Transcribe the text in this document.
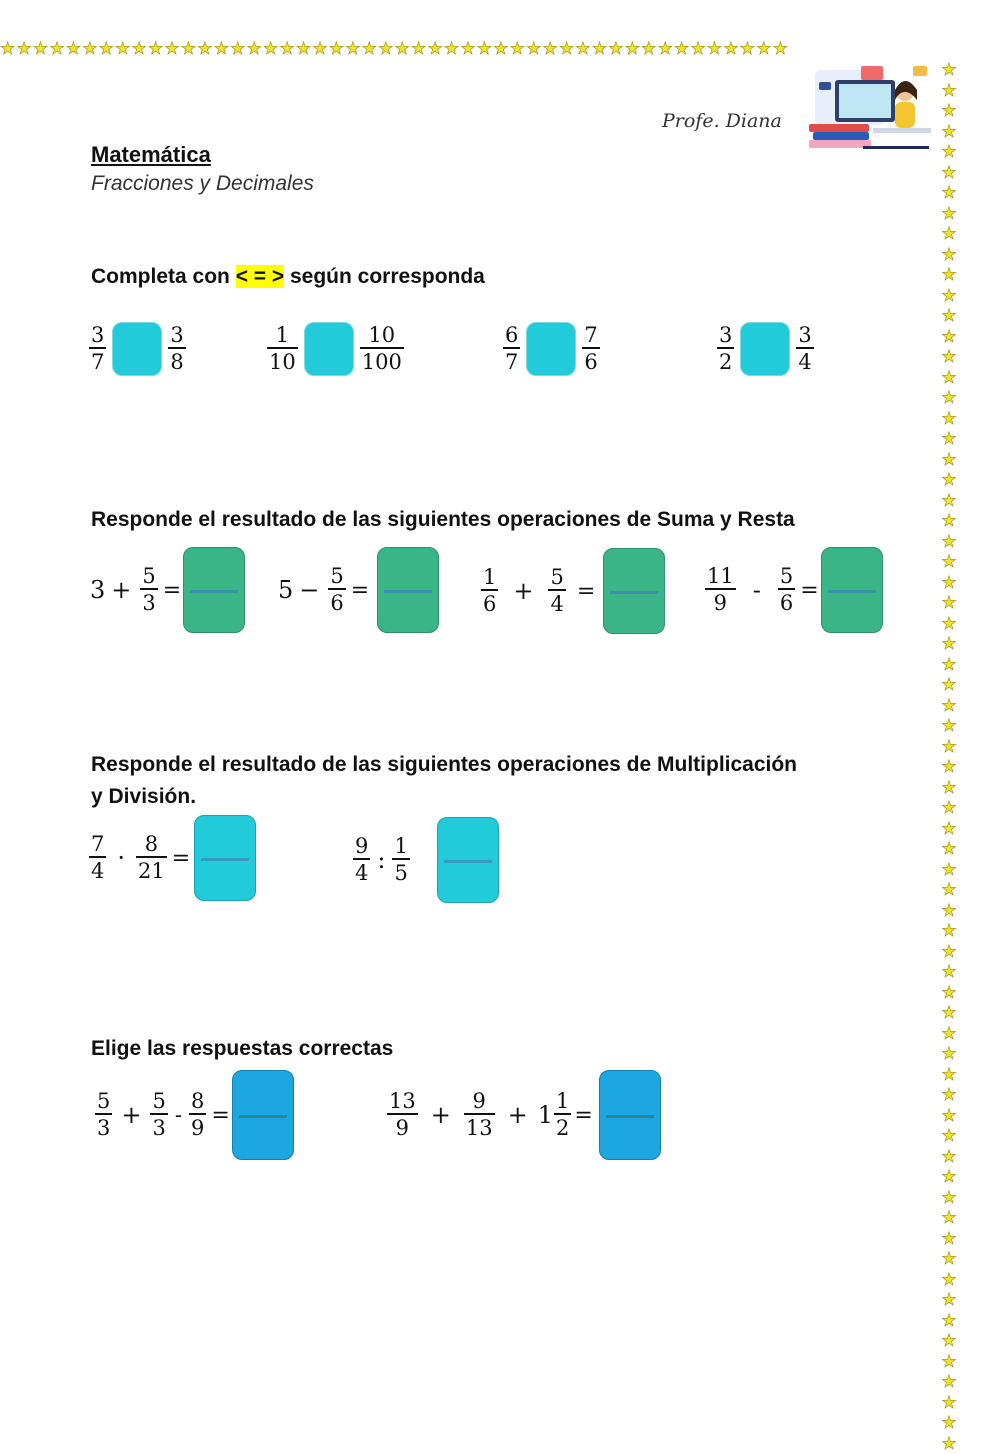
★★★★★★★★★★★★★★★★★★★★★★★★★★★★★★★★★★★★★★★★★★★★★★★★
★★★★★★★★★★★★★★★★★★★★★★★★★★★★★★★★★★★★★★★★★★★★★★★★★★★★★★★★★★★★★★★★★★★★
Profe. Diana
Matemática
Fracciones y Decimales
Completa con < = > según corresponda
$\frac{3}{7}$	$\frac{3}{8}$	$\frac{1}{10}$	$\frac{10}{100}$	$\frac{6}{7}$	$\frac{7}{6}$	$\frac{3}{2}$	$\frac{3}{4}$
Responde el resultado de las siguientes operaciones de Suma y Resta
$3 + \frac{5}{3}$ =	$5 - \frac{5}{6}$ =	$\frac{1}{6} + \frac{5}{4}$ =	$\frac{11}{9} - \frac{5}{6}$ =
Responde el resultado de las siguientes operaciones de Multiplicación
y División.
$\frac{7}{4} \cdot \frac{8}{21}$ =	$\frac{9}{4}$ : $\frac{1}{5}$
Elige las respuestas correctas
$\frac{5}{3} + \frac{5}{3} - \frac{8}{9}$ =	$\frac{13}{9} + \frac{9}{13} + 1 \frac{1}{2}$ =
